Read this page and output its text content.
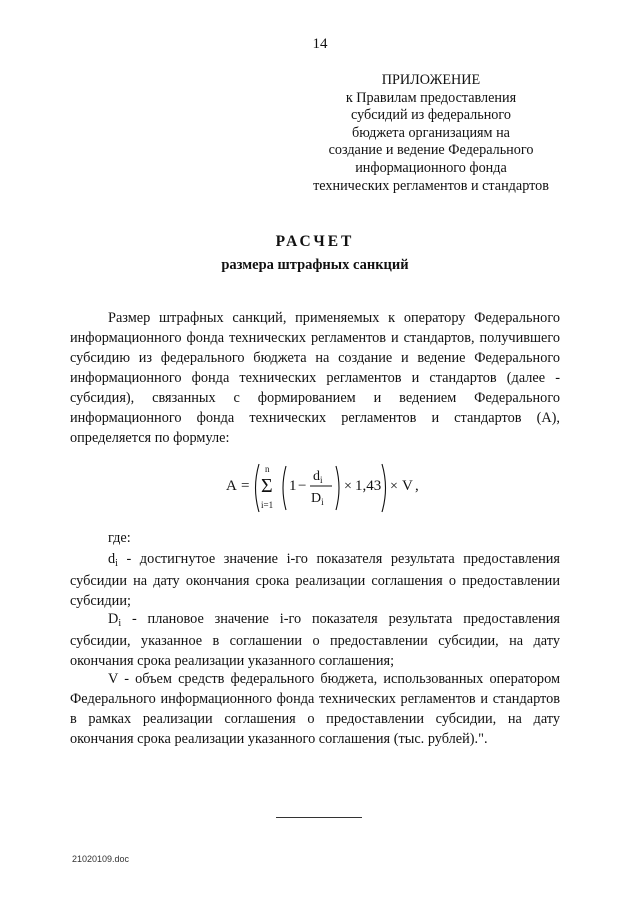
14
ПРИЛОЖЕНИЕ
к Правилам предоставления
субсидий из федерального
бюджета организациям на
создание и ведение Федерального
информационного фонда
технических регламентов и стандартов
РАСЧЕТ
размера штрафных санкций
Размер штрафных санкций, применяемых к оператору Федерального информационного фонда технических регламентов и стандартов, получившего субсидию из федерального бюджета на создание и ведение Федерального информационного фонда технических регламентов и стандартов (далее - субсидия), связанных с формированием и ведением Федерального информационного фонда технических регламентов и стандартов (А), определяется по формуле:
A =
n
Σ
i=1
1 −
$d_i$
$D_i$
× 1,43 × V ,
где:
$d_i$ - достигнутое значение i-го показателя результата предоставления субсидии на дату окончания срока реализации соглашения о предоставлении субсидии;
$D_i$ - плановое значение i-го показателя результата предоставления субсидии, указанное в соглашении о предоставлении субсидии, на дату окончания срока реализации указанного соглашения;
V - объем средств федерального бюджета, использованных оператором Федерального информационного фонда технических регламентов и стандартов в рамках реализации соглашения о предоставлении субсидии, на дату окончания срока реализации указанного соглашения (тыс. рублей).".
21020109.doc
